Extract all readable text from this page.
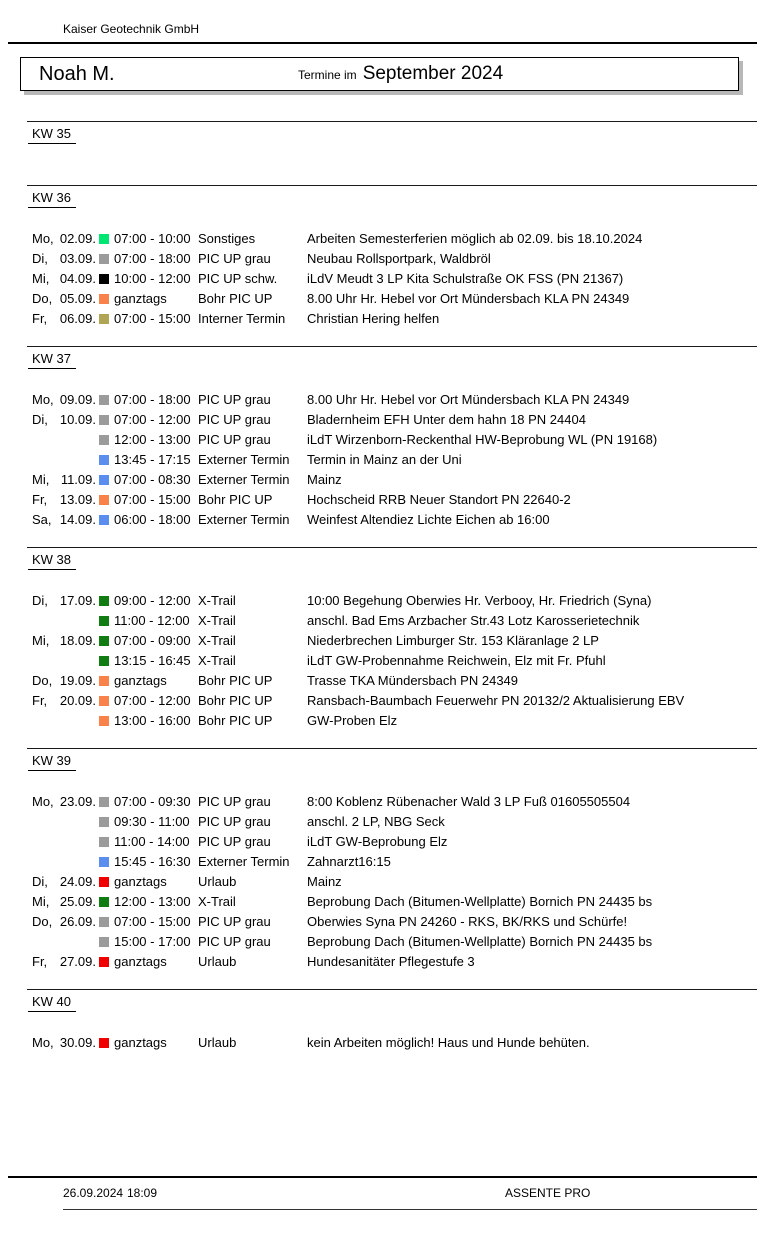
Kaiser Geotechnik GmbH
Noah M.	Termine im September 2024
KW 35
KW 36
Mo, 02.09. 07:00 - 10:00 Sonstiges	Arbeiten Semesterferien möglich ab 02.09. bis 18.10.2024
Di, 03.09. 07:00 - 18:00 PIC UP grau	Neubau Rollsportpark, Waldbröl
Mi, 04.09. 10:00 - 12:00 PIC UP schw.	iLdV Meudt 3 LP Kita Schulstraße OK FSS (PN 21367)
Do, 05.09. ganztags	Bohr PIC UP	8.00 Uhr Hr. Hebel vor Ort Mündersbach KLA PN 24349
Fr, 06.09. 07:00 - 15:00 Interner Termin	Christian Hering helfen
KW 37
Mo, 09.09. 07:00 - 18:00 PIC UP grau	8.00 Uhr Hr. Hebel vor Ort Mündersbach KLA PN 24349
Di, 10.09. 07:00 - 12:00 PIC UP grau	Bladernheim EFH Unter dem hahn 18 PN 24404
12:00 - 13:00 PIC UP grau	iLdT Wirzenborn-Reckenthal HW-Beprobung WL (PN 19168)
13:45 - 17:15 Externer Termin	Termin in Mainz an der Uni
Mi, 11.09. 07:00 - 08:30 Externer Termin	Mainz
Fr, 13.09. 07:00 - 15:00 Bohr PIC UP	Hochscheid RRB Neuer Standort PN 22640-2
Sa, 14.09. 06:00 - 18:00 Externer Termin	Weinfest Altendiez Lichte Eichen ab 16:00
KW 38
Di, 17.09. 09:00 - 12:00 X-Trail	10:00 Begehung Oberwies Hr. Verbooy, Hr. Friedrich (Syna)
11:00 - 12:00 X-Trail	anschl. Bad Ems Arzbacher Str.43 Lotz Karosserietechnik
Mi, 18.09. 07:00 - 09:00 X-Trail	Niederbrechen Limburger Str. 153 Kläranlage 2 LP
13:15 - 16:45 X-Trail	iLdT GW-Probennahme Reichwein, Elz mit Fr. Pfuhl
Do, 19.09. ganztags	Bohr PIC UP	Trasse TKA Mündersbach PN 24349
Fr, 20.09. 07:00 - 12:00 Bohr PIC UP	Ransbach-Baumbach Feuerwehr PN 20132/2 Aktualisierung EBV
13:00 - 16:00 Bohr PIC UP	GW-Proben Elz
KW 39
Mo, 23.09. 07:00 - 09:30 PIC UP grau	8:00 Koblenz Rübenacher Wald 3 LP Fuß 01605505504
09:30 - 11:00 PIC UP grau	anschl. 2 LP, NBG Seck
11:00 - 14:00 PIC UP grau	iLdT GW-Beprobung Elz
15:45 - 16:30 Externer Termin	Zahnarzt16:15
Di, 24.09. ganztags	Urlaub	Mainz
Mi, 25.09. 12:00 - 13:00 X-Trail	Beprobung Dach (Bitumen-Wellplatte) Bornich PN 24435 bs
Do, 26.09. 07:00 - 15:00 PIC UP grau	Oberwies Syna PN 24260 - RKS, BK/RKS und Schürfe!
15:00 - 17:00 PIC UP grau	Beprobung Dach (Bitumen-Wellplatte) Bornich PN 24435 bs
Fr, 27.09. ganztags	Urlaub	Hundesanitäter Pflegestufe 3
KW 40
Mo, 30.09. ganztags	Urlaub	kein Arbeiten möglich! Haus und Hunde behüten.
26.09.2024 18:09	ASSENTE PRO
